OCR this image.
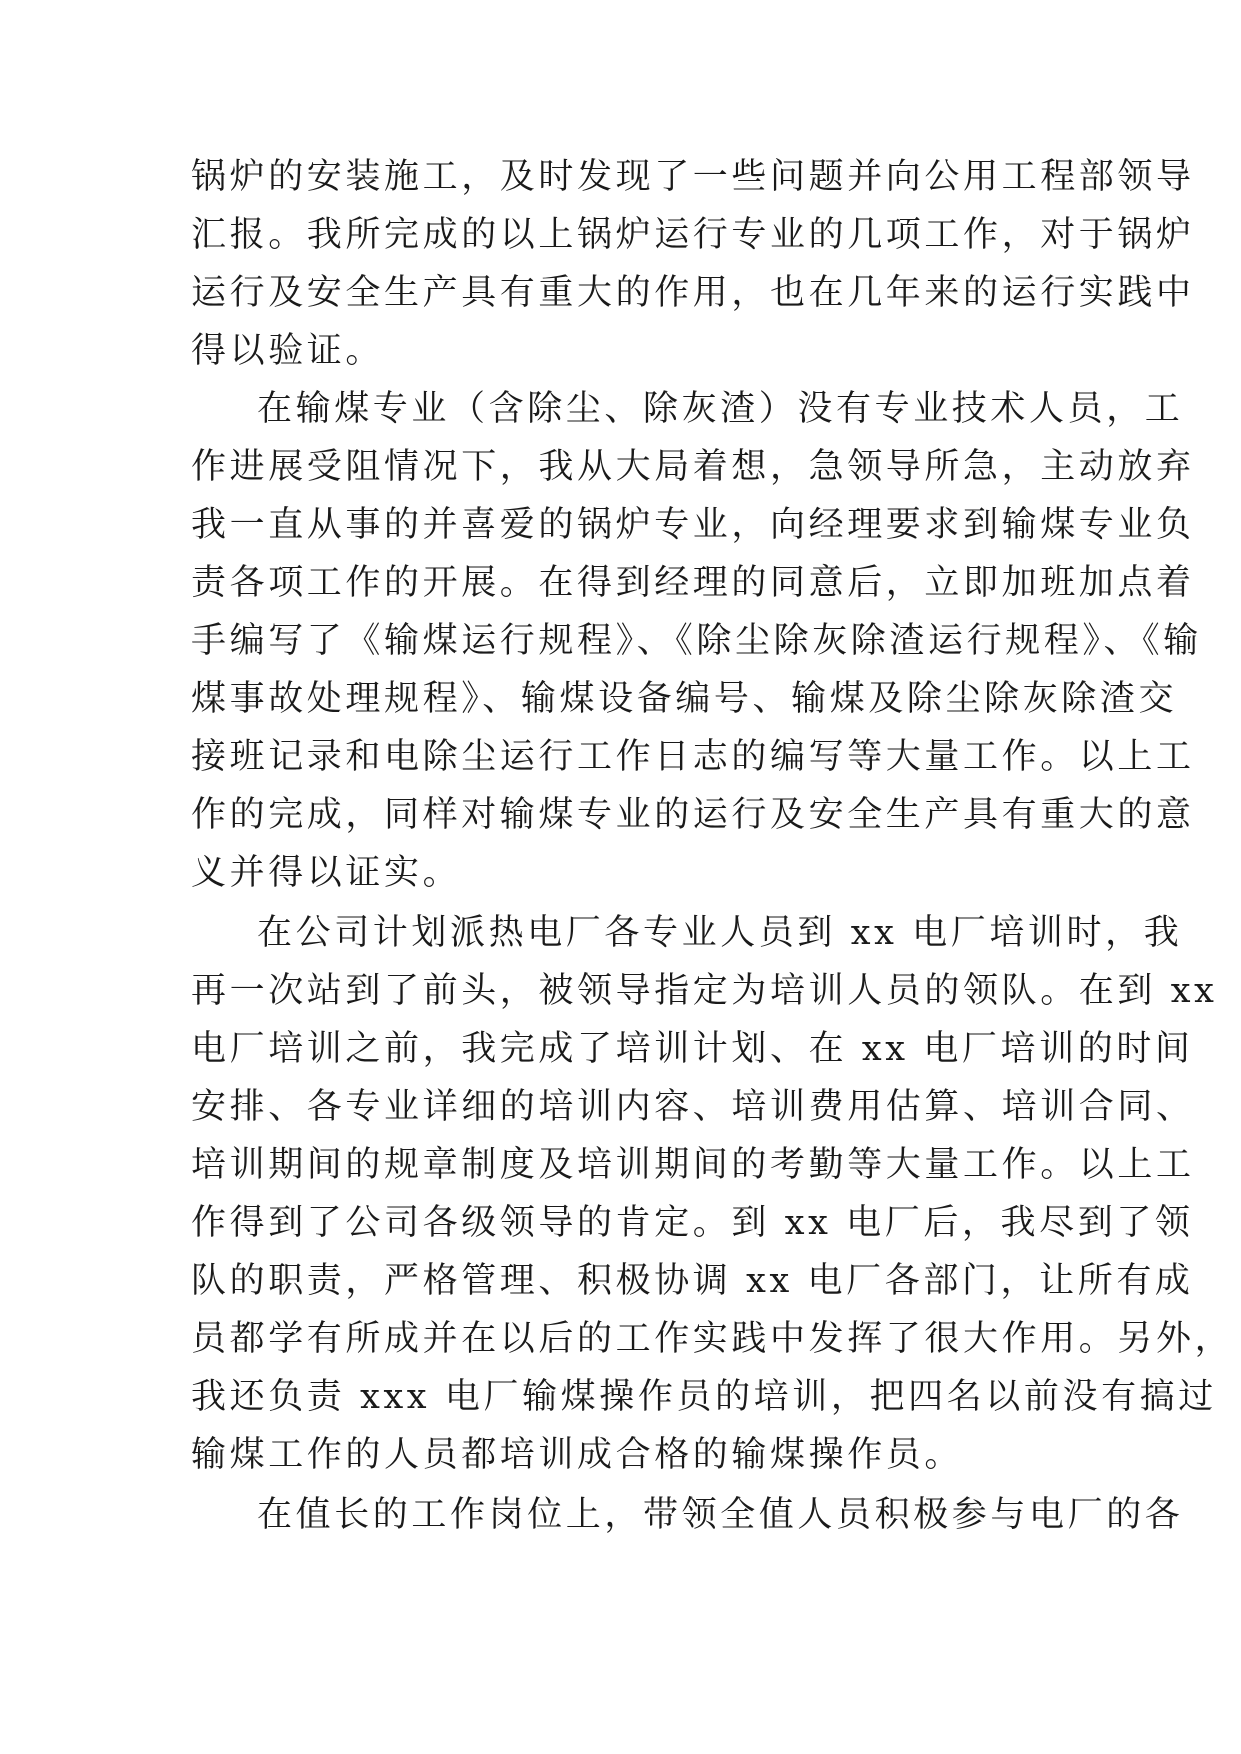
锅炉的安装施工，及时发现了一些问题并向公用工程部领导
汇报。我所完成的以上锅炉运行专业的几项工作，对于锅炉
运行及安全生产具有重大的作用，也在几年来的运行实践中
得以验证。
在输煤专业（含除尘、除灰渣）没有专业技术人员，工
作进展受阻情况下，我从大局着想，急领导所急，主动放弃
我一直从事的并喜爱的锅炉专业，向经理要求到输煤专业负
责各项工作的开展。在得到经理的同意后，立即加班加点着
手编写了《输煤运行规程》、《除尘除灰除渣运行规程》、《输
煤事故处理规程》、输煤设备编号、输煤及除尘除灰除渣交
接班记录和电除尘运行工作日志的编写等大量工作。以上工
作的完成，同样对输煤专业的运行及安全生产具有重大的意
义并得以证实。
在公司计划派热电厂各专业人员到 xx 电厂培训时，我
再一次站到了前头，被领导指定为培训人员的领队。在到 xx
电厂培训之前，我完成了培训计划、在 xx 电厂培训的时间
安排、各专业详细的培训内容、培训费用估算、培训合同、
培训期间的规章制度及培训期间的考勤等大量工作。以上工
作得到了公司各级领导的肯定。到 xx 电厂后，我尽到了领
队的职责，严格管理、积极协调 xx 电厂各部门，让所有成
员都学有所成并在以后的工作实践中发挥了很大作用。另外，
我还负责 xxx 电厂输煤操作员的培训，把四名以前没有搞过
输煤工作的人员都培训成合格的输煤操作员。
在值长的工作岗位上，带领全值人员积极参与电厂的各
